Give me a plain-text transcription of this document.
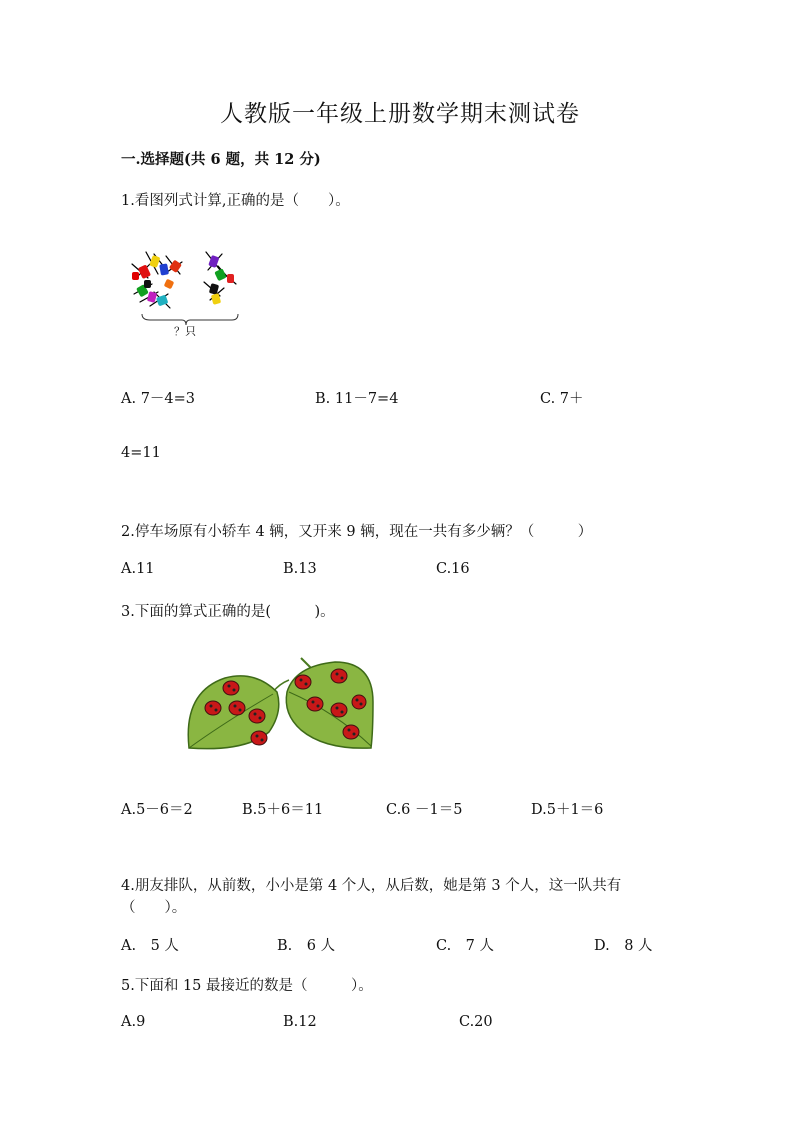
人教版一年级上册数学期末测试卷
一.选择题(共 6 题，共 12 分)
1.看图列式计算,正确的是（　　）。
？只
A. 7－4=3	B. 11－7=4	C. 7＋
4=11
2.停车场原有小轿车 4 辆，又开来 9 辆，现在一共有多少辆？（　　　）
A.11	B.13	C.16
3.下面的算式正确的是(　　　)。
A.5－6＝2	B.5＋6＝11	C.6 －1＝5	D.5＋1＝6
4.朋友排队，从前数，小小是第 4 个人，从后数，她是第 3 个人，这一队共有
（　　）。
A.　5 人	B.　6 人	C.　7 人	D.　8 人
5.下面和 15 最接近的数是（　　　）。
A.9	B.12	C.20
